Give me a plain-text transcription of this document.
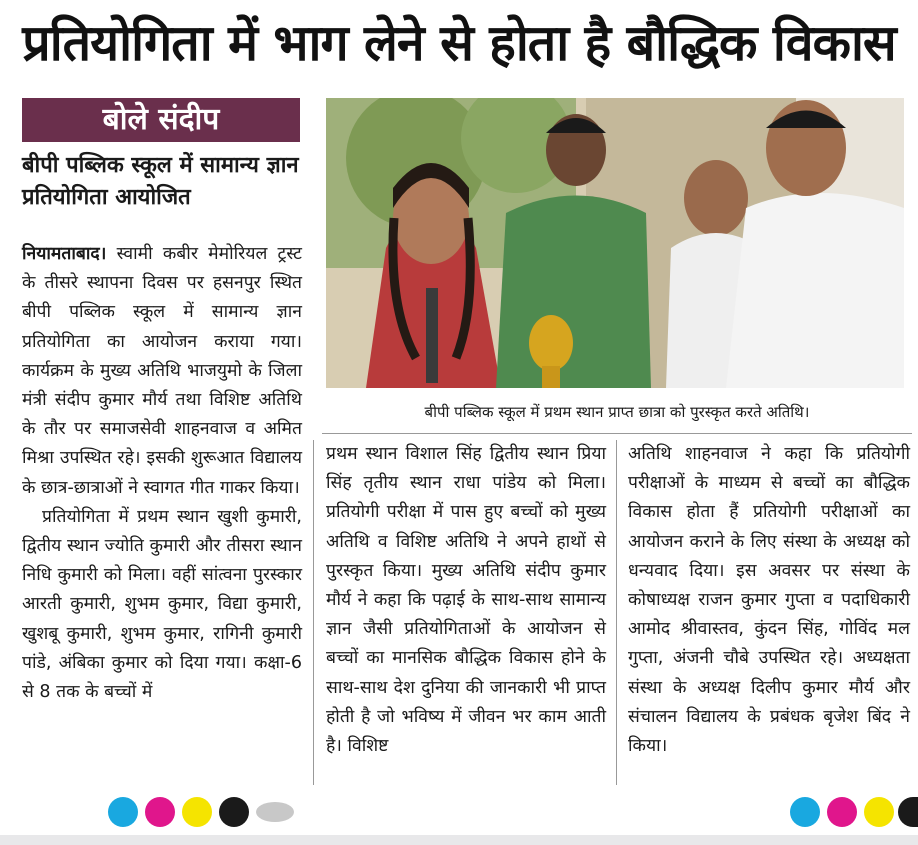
प्रतियोगिता में भाग लेने से होता है बौद्धिक विकास
बोले संदीप
बीपी पब्लिक स्कूल में सामान्य ज्ञान प्रतियोगिता आयोजित

नियामताबाद। स्वामी कबीर मेमोरियल ट्रस्ट के तीसरे स्थापना दिवस पर हसनपुर स्थित बीपी पब्लिक स्कूल में सामान्य ज्ञान प्रतियोगिता का आयोजन कराया गया। कार्यक्रम के मुख्य अतिथि भाजयुमो के जिला मंत्री संदीप कुमार मौर्य तथा विशिष्ट अतिथि के तौर पर समाजसेवी शाहनवाज व अमित मिश्रा उपस्थित रहे। इसकी शुरूआत विद्यालय के छात्र-छात्राओं ने स्वागत गीत गाकर किया।

प्रतियोगिता में प्रथम स्थान खुशी कुमारी, द्वितीय स्थान ज्योति कुमारी और तीसरा स्थान निधि कुमारी को मिला। वहीं सांत्वना पुरस्कार आरती कुमारी, शुभम कुमार, विद्या कुमारी, खुशबू कुमारी, शुभम कुमार, रागिनी कुमारी पांडे, अंबिका कुमार को दिया गया। कक्षा-6 से 8 तक के बच्चों में

बीपी पब्लिक स्कूल में प्रथम स्थान प्राप्त छात्रा को पुरस्कृत करते अतिथि।

प्रथम स्थान विशाल सिंह द्वितीय स्थान प्रिया सिंह तृतीय स्थान राधा पांडेय को मिला। प्रतियोगी परीक्षा में पास हुए बच्चों को मुख्य अतिथि व विशिष्ट अतिथि ने अपने हाथों से पुरस्कृत किया। मुख्य अतिथि संदीप कुमार मौर्य ने कहा कि पढ़ाई के साथ-साथ सामान्य ज्ञान जैसी प्रतियोगिताओं के आयोजन से बच्चों का मानसिक बौद्धिक विकास होने के साथ-साथ देश दुनिया की जानकारी भी प्राप्त होती है जो भविष्य में जीवन भर काम आती है। विशिष्ट

अतिथि शाहनवाज ने कहा कि प्रतियोगी परीक्षाओं के माध्यम से बच्चों का बौद्धिक विकास होता हैं प्रतियोगी परीक्षाओं का आयोजन कराने के लिए संस्था के अध्यक्ष को धन्यवाद दिया। इस अवसर पर संस्था के कोषाध्यक्ष राजन कुमार गुप्ता व पदाधिकारी आमोद श्रीवास्तव, कुंदन सिंह, गोविंद मल गुप्ता, अंजनी चौबे उपस्थित रहे। अध्यक्षता संस्था के अध्यक्ष दिलीप कुमार मौर्य और संचालन विद्यालय के प्रबंधक बृजेश बिंद ने किया।
